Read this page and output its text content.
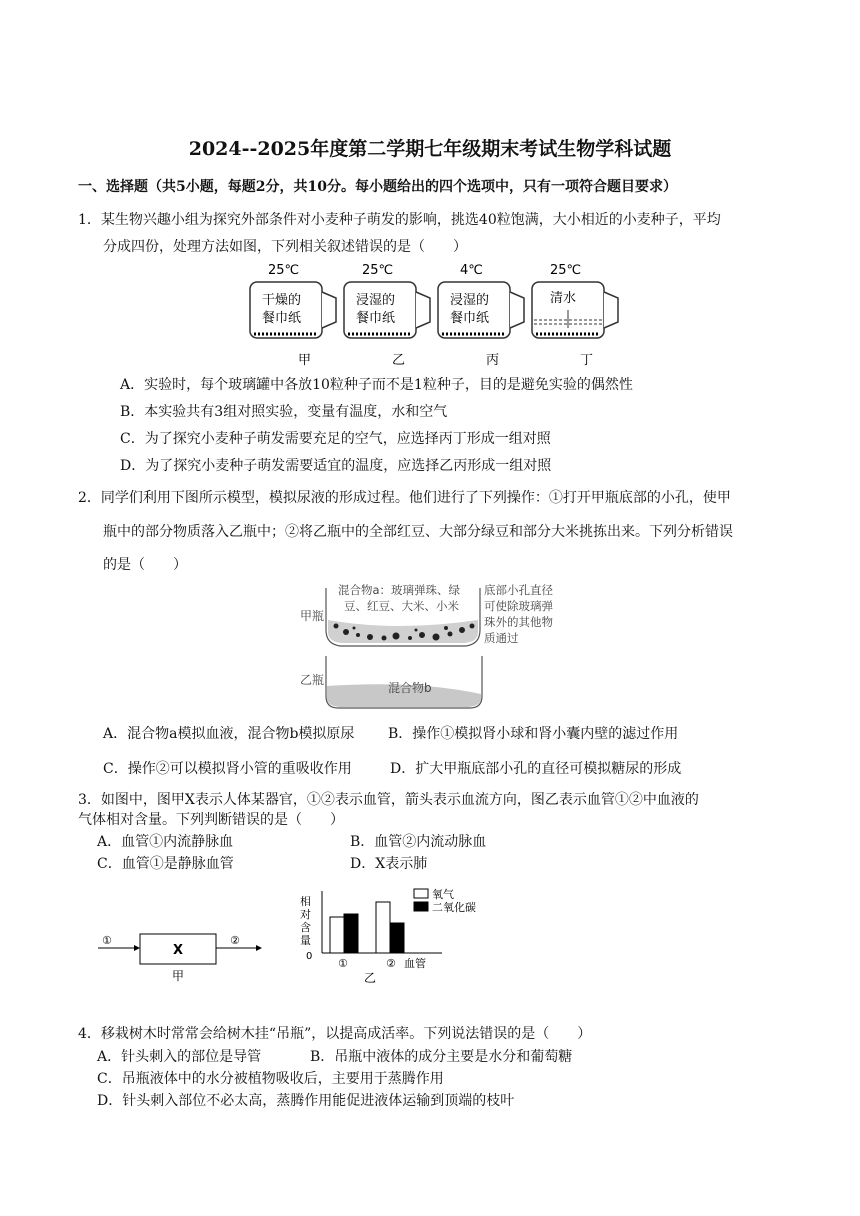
2024--2025年度第二学期七年级期末考试生物学科试题
一、选择题（共5小题，每题2分，共10分。每小题给出的四个选项中，只有一项符合题目要求）
1．某生物兴趣小组为探究外部条件对小麦种子萌发的影响，挑选40粒饱满，大小相近的小麦种子，平均
分成四份，处理方法如图，下列相关叙述错误的是（　　）
25℃
干燥的
餐巾纸
甲
25℃
浸湿的
餐巾纸
乙
4℃
浸湿的
餐巾纸
丙
25℃
清水
丁
A．实验时，每个玻璃罐中各放10粒种子而不是1粒种子，目的是避免实验的偶然性
B．本实验共有3组对照实验，变量有温度，水和空气
C．为了探究小麦种子萌发需要充足的空气，应选择丙丁形成一组对照
D．为了探究小麦种子萌发需要适宜的温度，应选择乙丙形成一组对照
2．同学们利用下图所示模型，模拟尿液的形成过程。他们进行了下列操作：①打开甲瓶底部的小孔，使甲
瓶中的部分物质落入乙瓶中；②将乙瓶中的全部红豆、大部分绿豆和部分大米挑拣出来。下列分析错误
的是（　　）
甲瓶
混合物a：玻璃弹珠、绿
豆、红豆、大米、小米
底部小孔直径
可使除玻璃弹
珠外的其他物
质通过
乙瓶
混合物b
A．混合物a模拟血液，混合物b模拟原尿 B．操作①模拟肾小球和肾小囊内壁的滤过作用
C．操作②可以模拟肾小管的重吸收作用	D．扩大甲瓶底部小孔的直径可模拟糖尿的形成
3．如图中，图甲X表示人体某器官，①②表示血管，箭头表示血流方向，图乙表示血管①②中血液的
气体相对含量。下列判断错误的是（　　）
A．血管①内流静脉血	B．血管②内流动脉血
C．血管①是静脉血管	D．X表示肺
①
X
②
甲
相
对
含
量
0
氧气
二氧化碳
①	② 血管
乙
4．移栽树木时常常会给树木挂“吊瓶”，以提高成活率。下列说法错误的是（　　）
A．针头刺入的部位是导管	B．吊瓶中液体的成分主要是水分和葡萄糖
C．吊瓶液体中的水分被植物吸收后，主要用于蒸腾作用
D．针头刺入部位不必太高，蒸腾作用能促进液体运输到顶端的枝叶
